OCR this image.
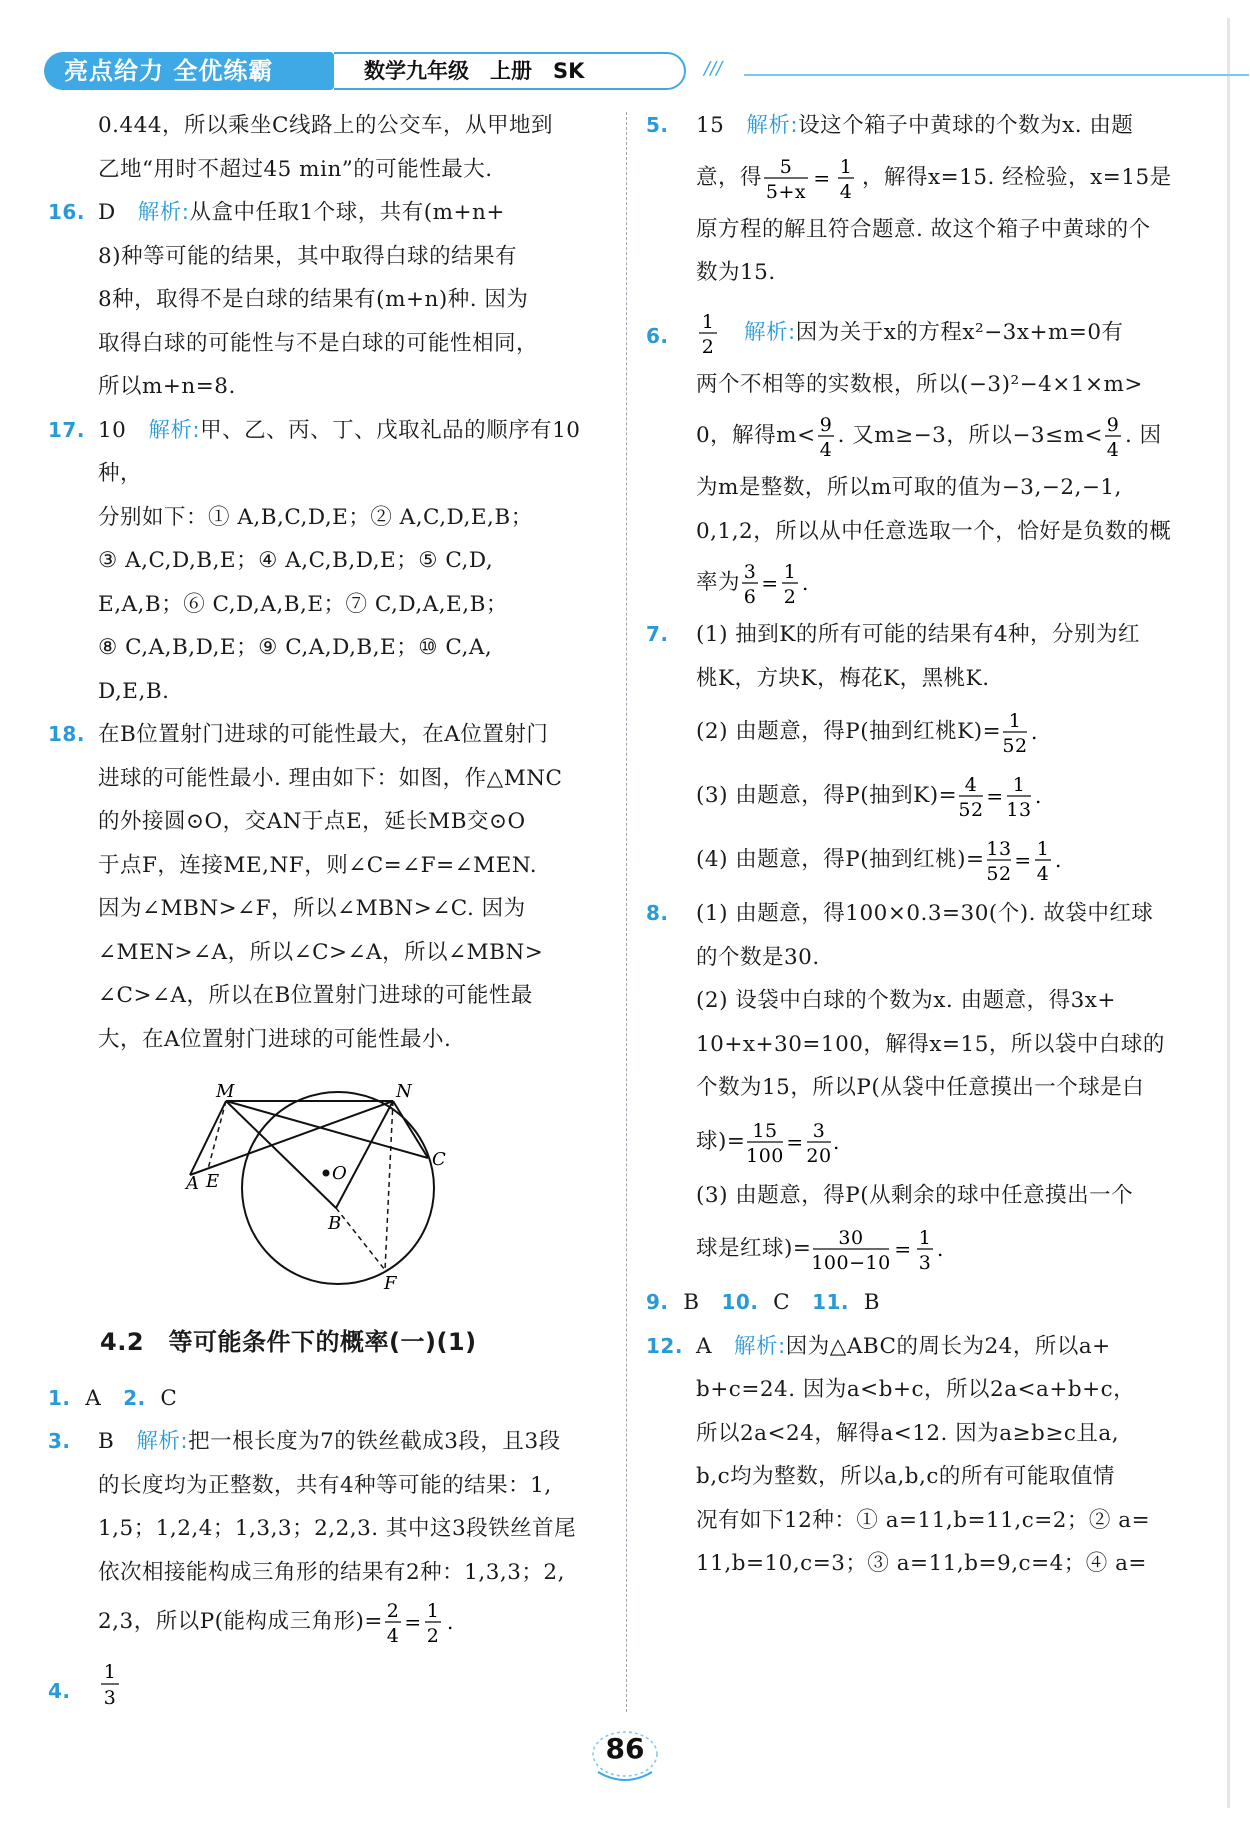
亮点给力 全优练霸	数学九年级　上册　SK	///

0.444，所以乘坐C线路上的公交车，从甲地到
乙地“用时不超过45 min”的可能性最大.

16. D 解析:从盒中任取1个球，共有(m+n+
8)种等可能的结果，其中取得白球的结果有
8种，取得不是白球的结果有(m+n)种. 因为
取得白球的可能性与不是白球的可能性相同，
所以m+n=8.

17. 10 解析:甲、乙、丙、丁、戊取礼品的顺序有10种，
分别如下：① A,B,C,D,E；② A,C,D,E,B；
③ A,C,D,B,E；④ A,C,B,D,E；⑤ C,D,
E,A,B；⑥ C,D,A,B,E；⑦ C,D,A,E,B；
⑧ C,A,B,D,E；⑨ C,A,D,B,E；⑩ C,A,
D,E,B.

18. 在B位置射门进球的可能性最大，在A位置射门
进球的可能性最小. 理由如下：如图，作△MNC
的外接圆⊙O，交AN于点E，延长MB交⊙O
于点F，连接ME,NF，则∠C=∠F=∠MEN.
因为∠MBN>∠F，所以∠MBN>∠C. 因为
∠MEN>∠A，所以∠C>∠A，所以∠MBN>
∠C>∠A，所以在B位置射门进球的可能性最
大，在A位置射门进球的可能性最小.

M	N
C
A E	O
B
F

4.2　等可能条件下的概率(一)(1)

1. A 2. C

3. B 解析:把一根长度为7的铁丝截成3段，且3段
的长度均为正整数，共有4种等可能的结果：1,
1,5；1,2,4；1,3,3；2,2,3. 其中这3段铁丝首尾
依次相接能构成三角形的结果有2种：1,3,3；2,

2,3，所以P(能构成三角形)= 2
4
= 1
2
.

4.
1
3
5. 15 解析:设这个箱子中黄球的个数为x. 由题

意，得 5
5+x
= 1
4
，解得x=15. 经检验，x=15是

原方程的解且符合题意. 故这个箱子中黄球的个
数为15.

6.

1
2
解析:因为关于x的方程x²−3x+m=0有

两个不相等的实数根，所以(−3)²−4×1×m>

0，解得m< 9
4
. 又m≥−3，所以−3≤m< 9
4
. 因

为m是整数，所以m可取的值为−3,−2,−1,
0,1,2，所以从中任意选取一个，恰好是负数的概

率为 3
6
= 1
2
.

7. (1) 抽到K的所有可能的结果有4种，分别为红
桃K，方块K，梅花K，黑桃K.

(2) 由题意，得P(抽到红桃K)= 1
52
.

(3) 由题意，得P(抽到K)= 4
52
= 1
13
.

(4) 由题意，得P(抽到红桃)= 13
52
= 1
4
.

8. (1) 由题意，得100×0.3=30(个). 故袋中红球
的个数是30.
(2) 设袋中白球的个数为x. 由题意，得3x+
10+x+30=100，解得x=15，所以袋中白球的
个数为15，所以P(从袋中任意摸出一个球是白

球)= 15
100
= 3
20
.

(3) 由题意，得P(从剩余的球中任意摸出一个

球是红球)= 30
100−10
= 1
3
.

9. B 10. C 11. B

12. A 解析:因为△ABC的周长为24，所以a+
b+c=24. 因为a<b+c，所以2a<a+b+c，
所以2a<24，解得a<12. 因为a≥b≥c且a,
b,c均为整数，所以a,b,c的所有可能取值情
况有如下12种：① a=11,b=11,c=2；② a=
11,b=10,c=3；③ a=11,b=9,c=4；④ a=

86
